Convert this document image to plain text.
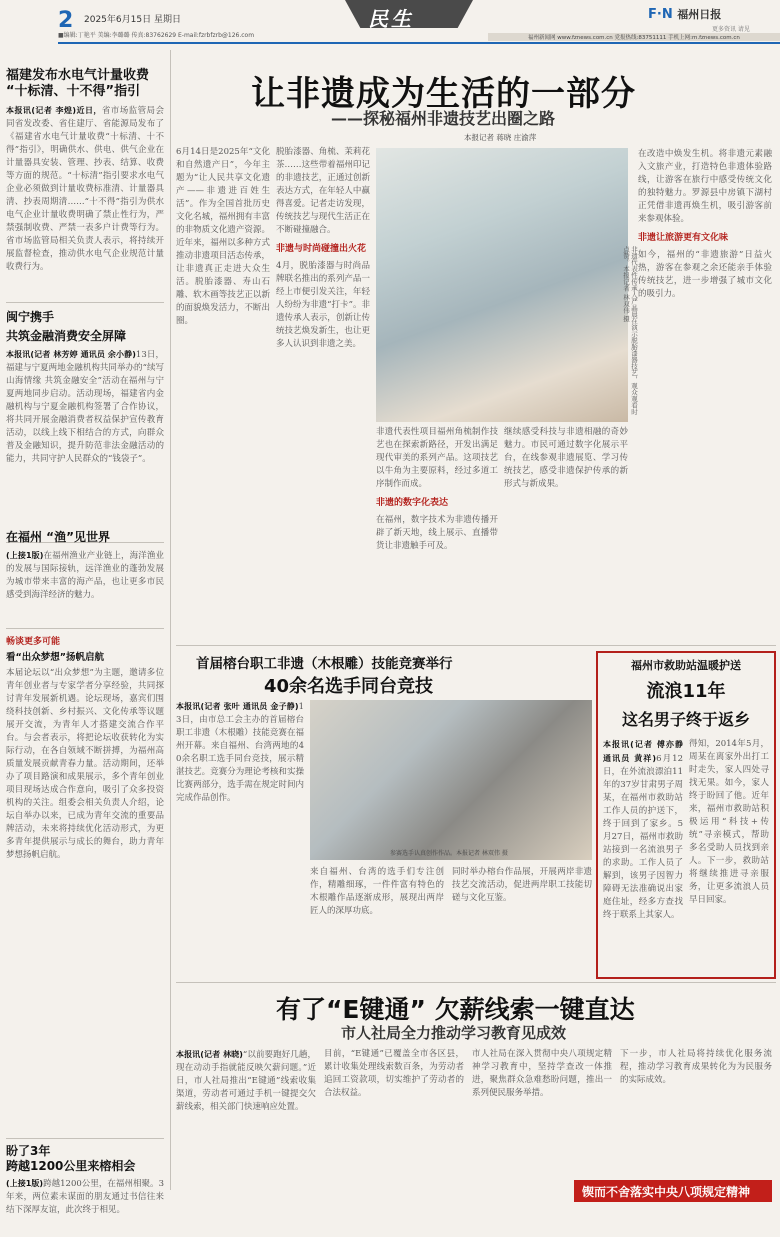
2 2025年6月15日 星期日	民生
■编辑:丁艳平 美编:李璐璐 传真:83762629 E-mail:fzrbfzrb@126.com
F·N 福州日报
更多资讯 请见
福州新闻网 www.fznews.com.cn 党报热线:83751111 手机上网:m.fznews.com.cn
福建发布水电气计量收费
“十标清、十不得”指引
本报讯(记者 李煌)近日，省市场监管局会同省发改委、省住建厅、省能源局发布了《福建省水电气计量收费“十标清、十不得”指引》，明确供水、供电、供气企业在计量器具安装、管理、抄表、结算、收费等方面的规范。“十标清”指引要求水电气企业必须做到计量收费标准清、计量器具清、抄表周期清……“十不得”指引为供水电气企业计量收费明确了禁止性行为，严禁强制收费、严禁一表多户计费等行为。省市场监管局相关负责人表示，将持续开展监督检查，推动供水电气企业规范计量收费行为。
闽宁携手
共筑金融消费安全屏障
本报讯(记者 林芳婷 通讯员 余小静)13日，福建与宁夏两地金融机构共同举办的“续写山海情缘 共筑金融安全”活动在福州与宁夏两地同步启动。活动现场，福建省内金融机构与宁夏金融机构签署了合作协议，将共同开展金融消费者权益保护宣传教育活动，以线上线下相结合的方式，向群众普及金融知识，提升防范非法金融活动的能力，共同守护人民群众的“钱袋子”。
在福州 “渔”见世界
(上接1版)在福州渔业产业链上，海洋渔业的发展与国际接轨，远洋渔业的蓬勃发展为城市带来丰富的海产品，也让更多市民感受到海洋经济的魅力。
畅谈更多可能
看“出众梦想”扬帆启航
本届论坛以“出众梦想”为主题，邀请多位青年创业者与专家学者分享经验，共同探讨青年发展新机遇。论坛现场，嘉宾们围绕科技创新、乡村振兴、文化传承等议题展开交流，为青年人才搭建交流合作平台。与会者表示，将把论坛收获转化为实际行动，在各自领域不断拼搏，为福州高质量发展贡献青春力量。活动期间，还举办了项目路演和成果展示，多个青年创业项目现场达成合作意向，吸引了众多投资机构的关注。组委会相关负责人介绍，论坛自举办以来，已成为青年交流的重要品牌活动，未来将持续优化活动形式，为更多青年提供展示与成长的舞台，助力青年梦想扬帆启航。
盼了3年
跨越1200公里来榕相会
(上接1版)跨越1200公里，在福州相聚。3年来，两位素未谋面的朋友通过书信往来结下深厚友谊，此次终于相见。
让非遗成为生活的一部分
——探秘福州非遗技艺出圈之路
本报记者 蒋晓 庄渝萍
非遗代表性传承人严晶晨在演示脱胎漆器技艺，观众观看时点赞。本报记者 林双伟 摄
6月14日是2025年“文化和自然遗产日”，今年主题为“让人民共享文化遗产——非遗进百姓生活”。作为全国首批历史文化名城，福州拥有丰富的非物质文化遗产资源。近年来，福州以多种方式推动非遗项目活态传承，让非遗真正走进大众生活。脱胎漆器、寿山石雕、软木画等技艺正以新的面貌焕发活力，不断出圈。
脱胎漆器、角梳、茉莉花茶……这些带着福州印记的非遗技艺，正通过创新表达方式，在年轻人中赢得喜爱。记者走访发现，传统技艺与现代生活正在不断碰撞融合。
非遗与时尚碰撞出火花
4月，脱胎漆器与时尚品牌联名推出的系列产品一经上市便引发关注，年轻人纷纷为非遗“打卡”。非遗传承人表示，创新让传统技艺焕发新生，也让更多人认识到非遗之美。
非遗代表性项目福州角梳制作技艺也在探索新路径，开发出满足现代审美的系列产品。这项技艺以牛角为主要原料，经过多道工序制作而成。
非遗的数字化表达
在福州，数字技术为非遗传播开辟了新天地，线上展示、直播带货让非遗触手可及。
继续感受科技与非遗相融的奇妙魅力。市民可通过数字化展示平台，在线参观非遗展览、学习传统技艺，感受非遗保护传承的新形式与新成果。
在改造中焕发生机。将非遗元素融入文旅产业，打造特色非遗体验路线，让游客在旅行中感受传统文化的独特魅力。罗源县中房镇下湖村正凭借非遗再焕生机，吸引游客前来参观体验。
非遗让旅游更有文化味
如今，福州的“非遗旅游”日益火热，游客在参观之余还能亲手体验传统技艺，进一步增强了城市文化的吸引力。
首届榕台职工非遗（木根雕）技能竞赛举行
40余名选手同台竞技
本报讯(记者 张叶 通讯员 金子静)13日，由市总工会主办的首届榕台职工非遗（木根雕）技能竞赛在福州开幕。来自福州、台湾两地的40余名职工选手同台竞技，展示精湛技艺。竞赛分为理论考核和实操比赛两部分，选手需在规定时间内完成作品创作。
参赛选手认真创作作品。本报记者 林双伟 摄
来自福州、台湾的选手们专注创作，精雕细琢，一件件富有特色的木根雕作品逐渐成形，展现出两岸匠人的深厚功底。
同时举办榕台作品展，开展两岸非遗技艺交流活动，促进两岸职工技能切磋与文化互鉴。
福州市救助站温暖护送
流浪11年
这名男子终于返乡
本报讯(记者 傅亦静 通讯员 黄祥)6月12日，在外流浪漂泊11年的37岁甘肃男子周某，在福州市救助站工作人员的护送下，终于回到了家乡。5月27日，福州市救助站接到一名流浪男子的求助。工作人员了解到，该男子因智力障碍无法准确说出家庭住址，经多方查找终于联系上其家人。
得知，2014年5月，周某在离家外出打工时走失，家人四处寻找无果。如今，家人终于盼回了他。近年来，福州市救助站积极运用“科技+传统”寻亲模式，帮助多名受助人员找到亲人。下一步，救助站将继续推进寻亲服务，让更多流浪人员早日回家。
有了“E键通” 欠薪线索一键直达
市人社局全力推动学习教育见成效
本报讯(记者 林晓)“以前要跑好几趟，现在动动手指就能反映欠薪问题。”近日，市人社局推出“E键通”线索收集渠道，劳动者可通过手机一键提交欠薪线索，相关部门快速响应处置。
目前，“E键通”已覆盖全市各区县，累计收集处理线索数百条，为劳动者追回工资款项，切实维护了劳动者的合法权益。
市人社局在深入贯彻中央八项规定精神学习教育中，坚持学查改一体推进，聚焦群众急难愁盼问题，推出一系列便民服务举措。
下一步，市人社局将持续优化服务流程，推动学习教育成果转化为为民服务的实际成效。
锲而不舍落实中央八项规定精神
